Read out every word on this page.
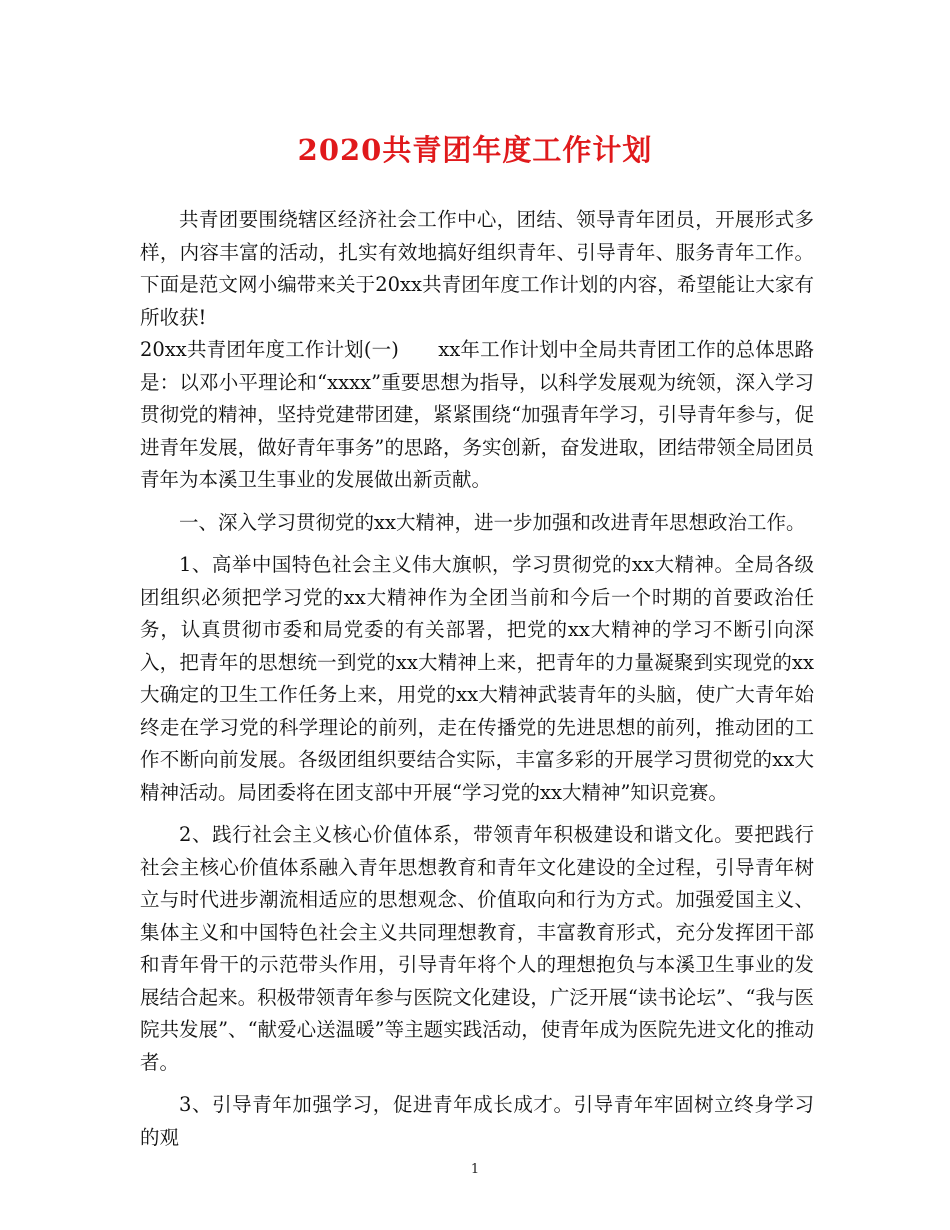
2020共青团年度工作计划

共青团要围绕辖区经济社会工作中心，团结、领导青年团员，开展形式多样，内容丰富的活动，扎实有效地搞好组织青年、引导青年、服务青年工作。下面是范文网小编带来关于20xx共青团年度工作计划的内容，希望能让大家有所收获!

20xx共青团年度工作计划(一)　　xx年工作计划中全局共青团工作的总体思路是：以邓小平理论和“xxxx”重要思想为指导，以科学发展观为统领，深入学习贯彻党的精神，坚持党建带团建，紧紧围绕“加强青年学习，引导青年参与，促进青年发展，做好青年事务”的思路，务实创新，奋发进取，团结带领全局团员青年为本溪卫生事业的发展做出新贡献。

一、深入学习贯彻党的xx大精神，进一步加强和改进青年思想政治工作。

1、高举中国特色社会主义伟大旗帜，学习贯彻党的xx大精神。全局各级团组织必须把学习党的xx大精神作为全团当前和今后一个时期的首要政治任务，认真贯彻市委和局党委的有关部署，把党的xx大精神的学习不断引向深入，把青年的思想统一到党的xx大精神上来，把青年的力量凝聚到实现党的xx大确定的卫生工作任务上来，用党的xx大精神武装青年的头脑，使广大青年始终走在学习党的科学理论的前列，走在传播党的先进思想的前列，推动团的工作不断向前发展。各级团组织要结合实际，丰富多彩的开展学习贯彻党的xx大精神活动。局团委将在团支部中开展“学习党的xx大精神”知识竞赛。

2、践行社会主义核心价值体系，带领青年积极建设和谐文化。要把践行社会主核心价值体系融入青年思想教育和青年文化建设的全过程，引导青年树立与时代进步潮流相适应的思想观念、价值取向和行为方式。加强爱国主义、集体主义和中国特色社会主义共同理想教育，丰富教育形式，充分发挥团干部和青年骨干的示范带头作用，引导青年将个人的理想抱负与本溪卫生事业的发展结合起来。积极带领青年参与医院文化建设，广泛开展“读书论坛”、“我与医院共发展”、“献爱心送温暖”等主题实践活动，使青年成为医院先进文化的推动者。

3、引导青年加强学习，促进青年成长成才。引导青年牢固树立终身学习的观

1
